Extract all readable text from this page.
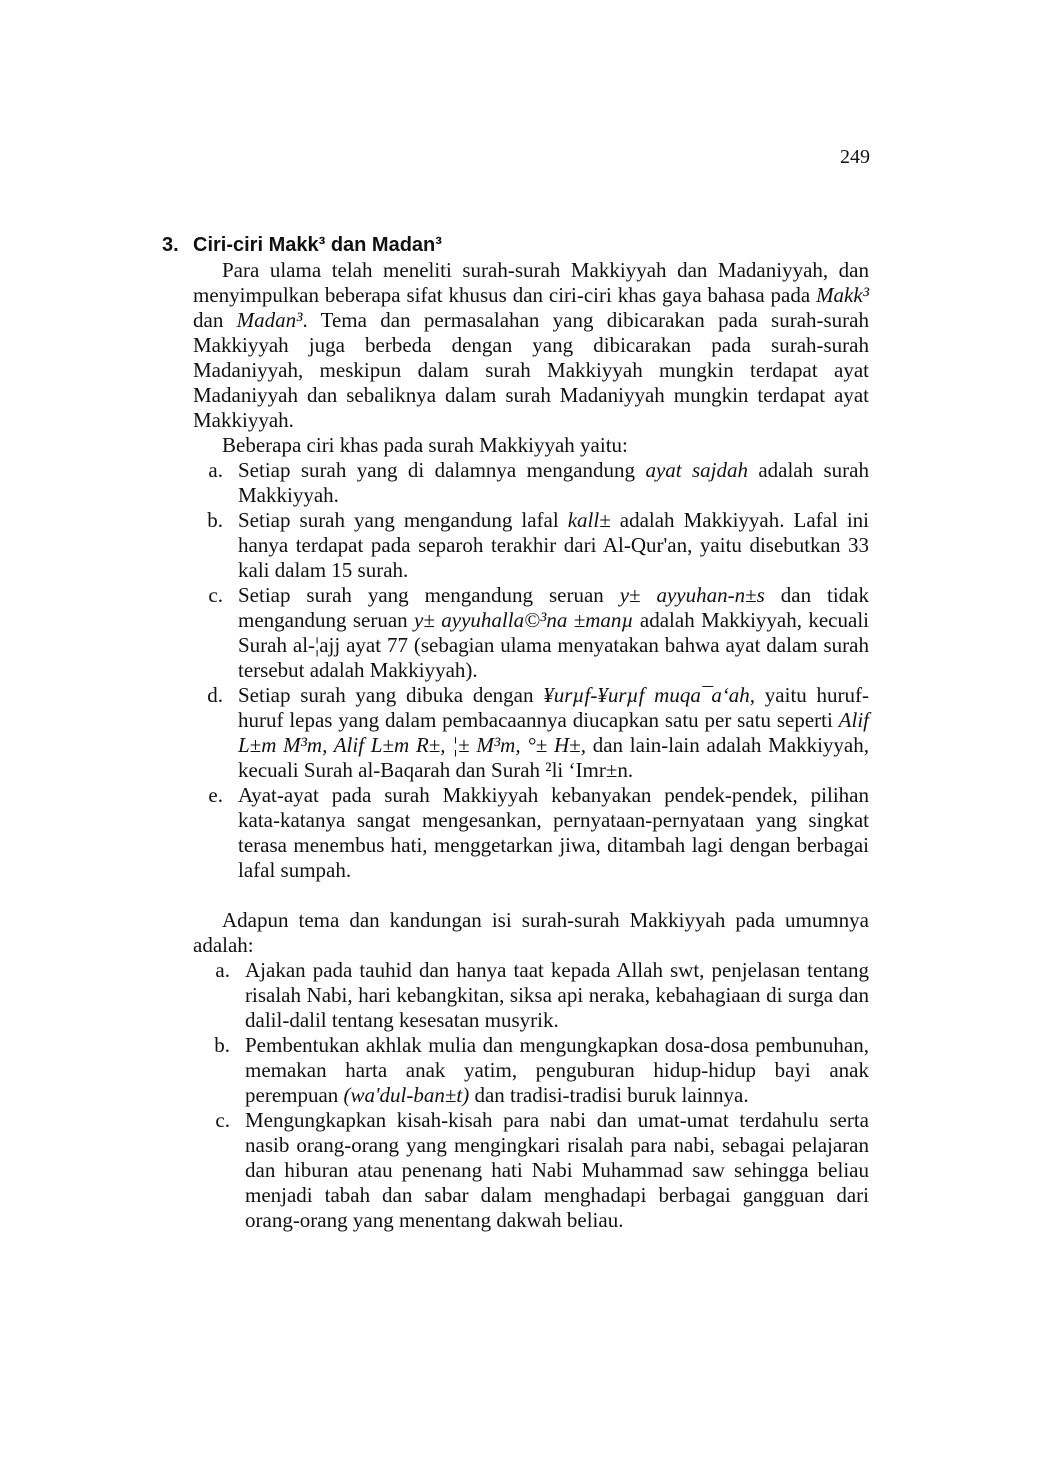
249
3. Ciri-ciri Makk³ dan Madan³

Para ulama telah meneliti surah-surah Makkiyyah dan Madaniyyah, dan menyimpulkan beberapa sifat khusus dan ciri-ciri khas gaya bahasa pada Makk³ dan Madan³. Tema dan permasalahan yang dibicarakan pada surah-surah Makkiyyah juga berbeda dengan yang dibicarakan pada surah-surah Madaniyyah, meskipun dalam surah Makkiyyah mungkin terdapat ayat Madaniyyah dan sebaliknya dalam surah Madaniyyah mungkin terdapat ayat Makkiyyah.

Beberapa ciri khas pada surah Makkiyyah yaitu:

a. Setiap surah yang di dalamnya mengandung ayat sajdah adalah surah Makkiyyah.
b. Setiap surah yang mengandung lafal kall± adalah Makkiyyah. Lafal ini hanya terdapat pada separoh terakhir dari Al-Qur'an, yaitu disebutkan 33 kali dalam 15 surah.
c. Setiap surah yang mengandung seruan y± ayyuhan-n±s dan tidak mengandung seruan y± ayyuhalla©³na ±manµ adalah Makkiyyah, kecuali Surah al-¦ajj ayat 77 (sebagian ulama menyatakan bahwa ayat dalam surah tersebut adalah Makkiyyah).
d. Setiap surah yang dibuka dengan ¥urµf-¥urµf muqa¯a‘ah, yaitu huruf-huruf lepas yang dalam pembacaannya diucapkan satu per satu seperti Alif L±m M³m, Alif L±m R±, ¦± M³m, °± H±, dan lain-lain adalah Makkiyyah, kecuali Surah al-Baqarah dan Surah ²li ‘Imr±n.
e. Ayat-ayat pada surah Makkiyyah kebanyakan pendek-pendek, pilihan kata-katanya sangat mengesankan, pernyataan-pernyataan yang singkat terasa menembus hati, menggetarkan jiwa, ditambah lagi dengan berbagai lafal sumpah.

Adapun tema dan kandungan isi surah-surah Makkiyyah pada umumnya adalah:

a. Ajakan pada tauhid dan hanya taat kepada Allah swt, penjelasan tentang risalah Nabi, hari kebangkitan, siksa api neraka, kebahagiaan di surga dan dalil-dalil tentang kesesatan musyrik.
b. Pembentukan akhlak mulia dan mengungkapkan dosa-dosa pembunuhan, memakan harta anak yatim, penguburan hidup-hidup bayi anak perempuan (wa'dul-ban±t) dan tradisi-tradisi buruk lainnya.
c. Mengungkapkan kisah-kisah para nabi dan umat-umat terdahulu serta nasib orang-orang yang mengingkari risalah para nabi, sebagai pelajaran dan hiburan atau penenang hati Nabi Muhammad saw sehingga beliau menjadi tabah dan sabar dalam menghadapi berbagai gangguan dari orang-orang yang menentang dakwah beliau.
